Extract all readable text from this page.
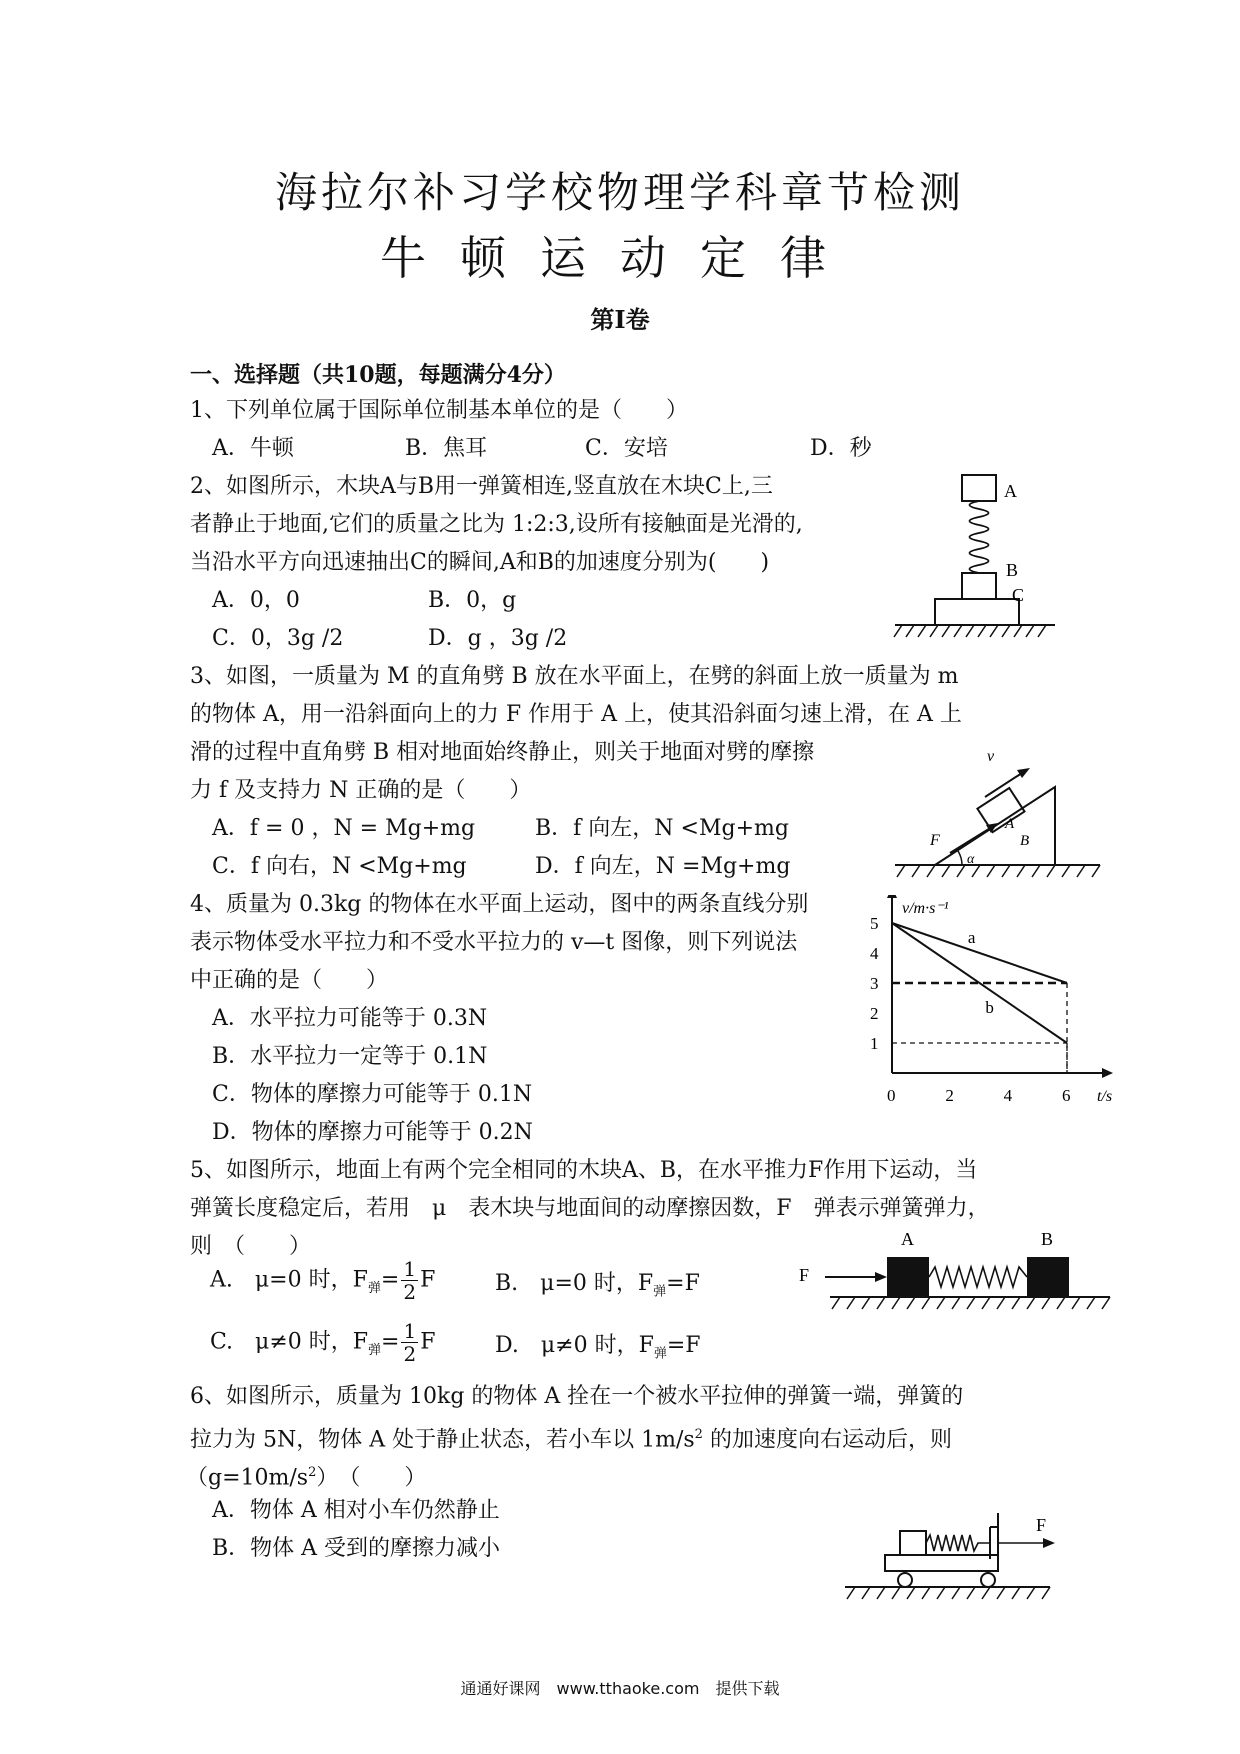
海拉尔补习学校物理学科章节检测
牛顿运动定律
第Ⅰ卷
一、选择题（共10题，每题满分4分）
1、下列单位属于国际单位制基本单位的是（　　）
A．牛顿	B．焦耳	C．安培	D．秒
2、如图所示，木块A与B用一弹簧相连,竖直放在木块C上,三
者静止于地面,它们的质量之比为 1:2:3,设所有接触面是光滑的,
当沿水平方向迅速抽出C的瞬间,A和B的加速度分别为(　　)
A．0，0	B．0，g
C．0，3g /2	D．g ，3g /2
A
B
C
3、如图，一质量为 M 的直角劈 B 放在水平面上，在劈的斜面上放一质量为 m
的物体 A，用一沿斜面向上的力 F 作用于 A 上，使其沿斜面匀速上滑，在 A 上
滑的过程中直角劈 B 相对地面始终静止，则关于地面对劈的摩擦
力 f 及支持力 N 正确的是（　　）
A．f = 0 ，N = Mg+mg	B．f 向左，N <Mg+mg
C．f 向右，N <Mg+mg	D．f 向左，N =Mg+mg
v
A
F
α
B
4、质量为 0.3kg 的物体在水平面上运动，图中的两条直线分别
表示物体受水平拉力和不受水平拉力的 v—t 图像，则下列说法
中正确的是（　　）
A．水平拉力可能等于 0.3N
B．水平拉力一定等于 0.1N
C．物体的摩擦力可能等于 0.1N
D．物体的摩擦力可能等于 0.2N
0	2	4	6
1
2
3
4
5
a
b
v/m·s⁻¹
t/s
5、如图所示，地面上有两个完全相同的木块A、B，在水平推力F作用下运动，当
弹簧长度稳定后，若用　μ　表木块与地面间的动摩擦因数，F　弹表示弹簧弹力，
则　（　　）
A.　μ=0 时，$F_弹= \frac{1}{2}$ F	B.　μ=0 时，$F_弹=F$
C.　μ≠0 时，$F_弹= \frac{1}{2}$ F	D.　μ≠0 时，$F_弹=F$
A	B
F
6、如图所示，质量为 10kg 的物体 A 拴在一个被水平拉伸的弹簧一端，弹簧的
拉力为 5N，物体 A 处于静止状态，若小车以 $1m/s^2$ 的加速度向右运动后，则
$(g=10m/s^2)$　（　　）
A．物体 A 相对小车仍然静止
B．物体 A 受到的摩擦力减小
F
通通好课网　www.tthaoke.com　提供下载
